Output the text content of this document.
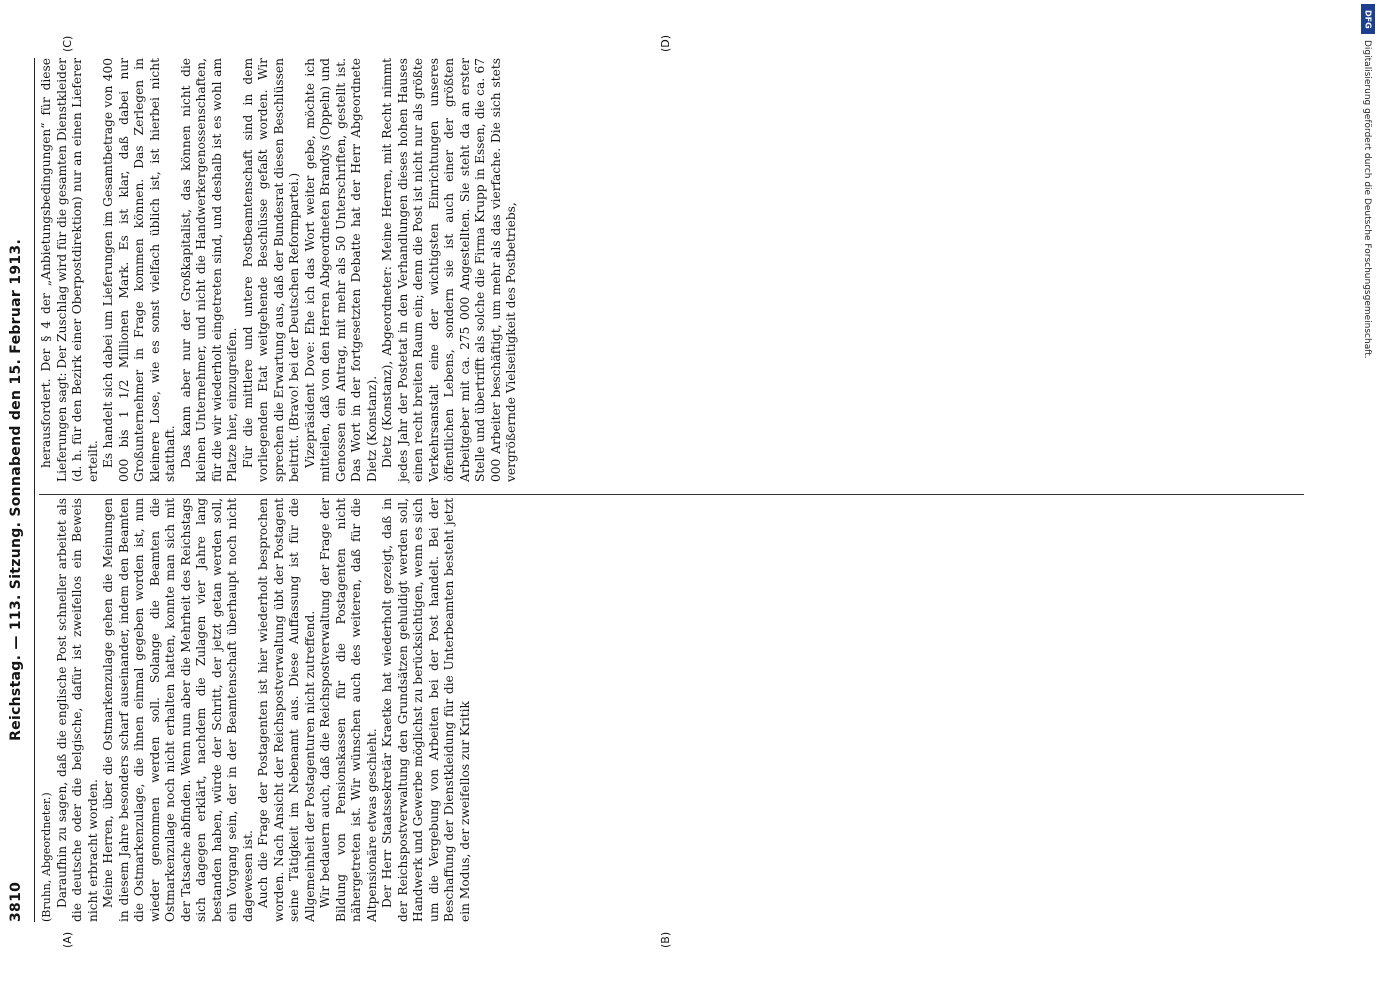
3810
Reichstag. — 113. Sitzung. Sonnabend den 15. Februar 1913.

(Bruhn, Abgeordneter.) Daraufhin zu sagen, daß die englische Post schneller arbeitet als die deutsche oder die belgische, dafür ist zweifellos ein Beweis nicht erbracht worden. Meine Herren, über die Ostmarkenzulage gehen die Meinungen in diesem Jahre besonders scharf auseinander, indem den Beamten die Ostmarkenzulage, die ihnen einmal gegeben worden ist, nun wieder genommen werden soll. Solange die Beamten die Ostmarkenzulage noch nicht erhalten hatten, konnte man sich mit der Tatsache abfinden. Wenn nun aber die Mehrheit des Reichstags sich dagegen erklärt, nachdem die Zulagen vier Jahre lang bestanden haben, würde der Schritt, der jetzt getan werden soll, ein Vorgang sein, der in der Beamtenschaft überhaupt noch nicht dagewesen ist. Auch die Frage der Postagenten ist hier wiederholt besprochen worden. Nach Ansicht der Reichspostverwaltung übt der Postagent seine Tätigkeit im Nebenamt aus. Diese Auffassung ist für die Allgemeinheit der Postagenturen nicht zutreffend. Wir bedauern auch, daß die Reichspostverwaltung der Frage der Bildung von Pensionskassen für die Postagenten nicht nähergetreten ist. Wir wünschen auch des weiteren, daß für die Altpensionäre etwas geschieht. Der Herr Staatssekretär Kraetke hat wiederholt gezeigt, daß in der Reichspostverwaltung den Grundsätzen gehuldigt werden soll, Handwerk und Gewerbe möglichst zu berücksichtigen, wenn es sich um die Vergebung von Arbeiten bei der Post handelt. Bei der Beschaffung der Dienstkleidung für die Unterbeamten besteht jetzt ein Modus, der zweifellos zur Kritik

herausfordert. Der § 4 der „Anbietungsbedingungen“ für diese Lieferungen sagt: Der Zuschlag wird für die gesamten Dienstkleider (d. h. für den Bezirk einer Oberpostdirektion) nur an einen Lieferer erteilt. Es handelt sich dabei um Lieferungen im Gesamtbetrage von 400 000 bis 1 1/2 Millionen Mark. Es ist klar, daß dabei nur Großunternehmer in Frage kommen können. Das Zerlegen in kleinere Lose, wie es sonst vielfach üblich ist, ist hierbei nicht statthaft. Das kann aber nur der Großkapitalist, das können nicht die kleinen Unternehmer, und nicht die Handwerkergenossenschaften, für die wir wiederholt eingetreten sind, und deshalb ist es wohl am Platze hier, einzugreifen. Für die mittlere und untere Postbeamtenschaft sind in dem vorliegenden Etat weitgehende Beschlüsse gefaßt worden. Wir sprechen die Erwartung aus, daß der Bundesrat diesen Beschlüssen beitritt. (Bravo! bei der Deutschen Reformpartei.) Vizepräsident Dove: Ehe ich das Wort weiter gebe, möchte ich mitteilen, daß von den Herren Abgeordneten Brandys (Oppeln) und Genossen ein Antrag, mit mehr als 50 Unterschriften, gestellt ist. Das Wort in der fortgesetzten Debatte hat der Herr Abgeordnete Dietz (Konstanz). Dietz (Konstanz), Abgeordneter: Meine Herren, mit Recht nimmt jedes Jahr der Postetat in den Verhandlungen dieses hohen Hauses einen recht breiten Raum ein; denn die Post ist nicht nur als größte Verkehrsanstalt eine der wichtigsten Einrichtungen unseres öffentlichen Lebens, sondern sie ist auch einer der größten Arbeitgeber mit ca. 275 000 Angestellten. Sie steht da an erster Stelle und übertrifft als solche die Firma Krupp in Essen, die ca. 67 000 Arbeiter beschäftigt, um mehr als das vierfache. Die sich stets vergrößernde Vielseitigkeit des Postbetriebs,

(A)	(B)
(C)	(D)
DFG
Digitalisierung gefördert durch die Deutsche Forschungsgemeinschaft.
